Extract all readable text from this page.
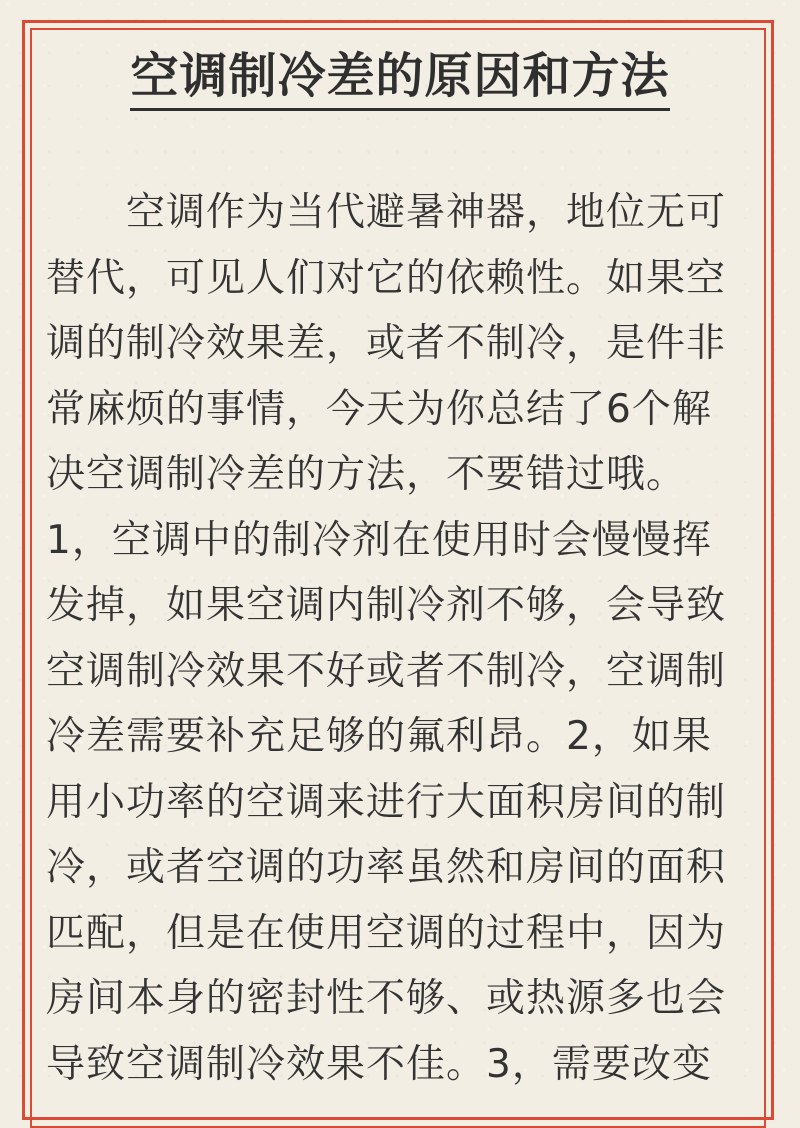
空调制冷差的原因和方法

空调作为当代避暑神器，地位无可替代，可见人们对它的依赖性。如果空调的制冷效果差，或者不制冷，是件非常麻烦的事情，今天为你总结了6个解决空调制冷差的方法，不要错过哦。1，空调中的制冷剂在使用时会慢慢挥发掉，如果空调内制冷剂不够，会导致空调制冷效果不好或者不制冷，空调制冷差需要补充足够的氟利昂。2，如果用小功率的空调来进行大面积房间的制冷，或者空调的功率虽然和房间的面积匹配，但是在使用空调的过程中，因为房间本身的密封性不够、或热源多也会导致空调制冷效果不佳。3，需要改变
